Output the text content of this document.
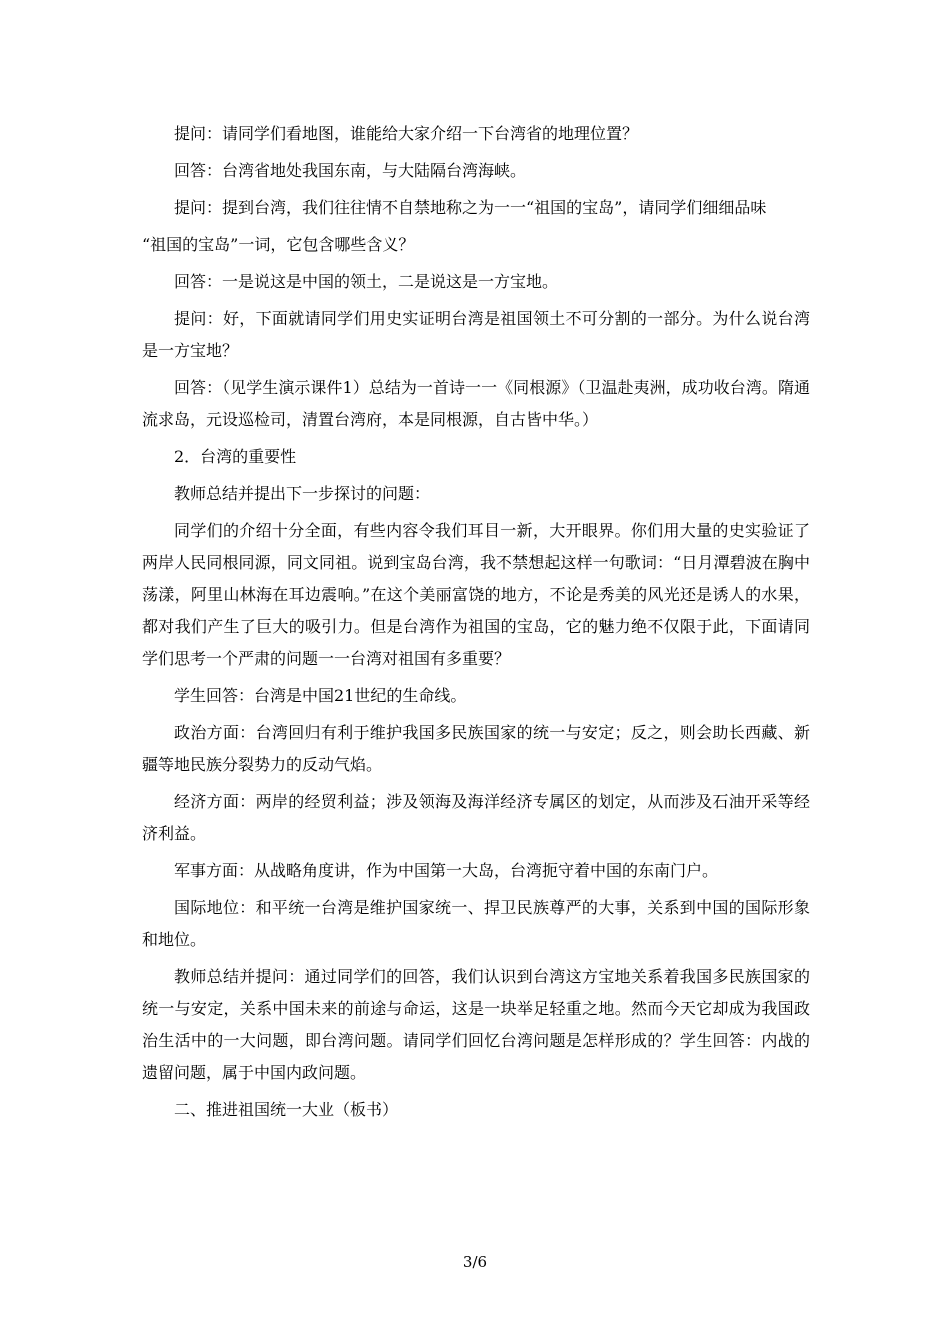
提问：请同学们看地图，谁能给大家介绍一下台湾省的地理位置？

回答：台湾省地处我国东南，与大陆隔台湾海峡。

提问：提到台湾，我们往往情不自禁地称之为一一“祖国的宝岛”，请同学们细细品味

“祖国的宝岛”一词，它包含哪些含义？

回答：一是说这是中国的领土，二是说这是一方宝地。

提问：好，下面就请同学们用史实证明台湾是祖国领土不可分割的一部分。为什么说台湾是一方宝地？

回答：（见学生演示课件1）总结为一首诗一一《同根源》（卫温赴夷洲，成功收台湾。隋通流求岛，元设巡检司，清置台湾府，本是同根源，自古皆中华。）

2．台湾的重要性

教师总结并提出下一步探讨的问题：

同学们的介绍十分全面，有些内容令我们耳目一新，大开眼界。你们用大量的史实验证了两岸人民同根同源，同文同祖。说到宝岛台湾，我不禁想起这样一句歌词：“日月潭碧波在胸中荡漾，阿里山林海在耳边震响。”在这个美丽富饶的地方，不论是秀美的风光还是诱人的水果，都对我们产生了巨大的吸引力。但是台湾作为祖国的宝岛，它的魅力绝不仅限于此，下面请同学们思考一个严肃的问题一一台湾对祖国有多重要？

学生回答：台湾是中国21世纪的生命线。

政治方面：台湾回归有利于维护我国多民族国家的统一与安定；反之，则会助长西藏、新疆等地民族分裂势力的反动气焰。

经济方面：两岸的经贸利益；涉及领海及海洋经济专属区的划定，从而涉及石油开采等经济利益。

军事方面：从战略角度讲，作为中国第一大岛，台湾扼守着中国的东南门户。

国际地位：和平统一台湾是维护国家统一、捍卫民族尊严的大事，关系到中国的国际形象和地位。

教师总结并提问：通过同学们的回答，我们认识到台湾这方宝地关系着我国多民族国家的统一与安定，关系中国未来的前途与命运，这是一块举足轻重之地。然而今天它却成为我国政治生活中的一大问题，即台湾问题。请同学们回忆台湾问题是怎样形成的？学生回答：内战的遗留问题，属于中国内政问题。

二、推进祖国统一大业（板书）

3/6
